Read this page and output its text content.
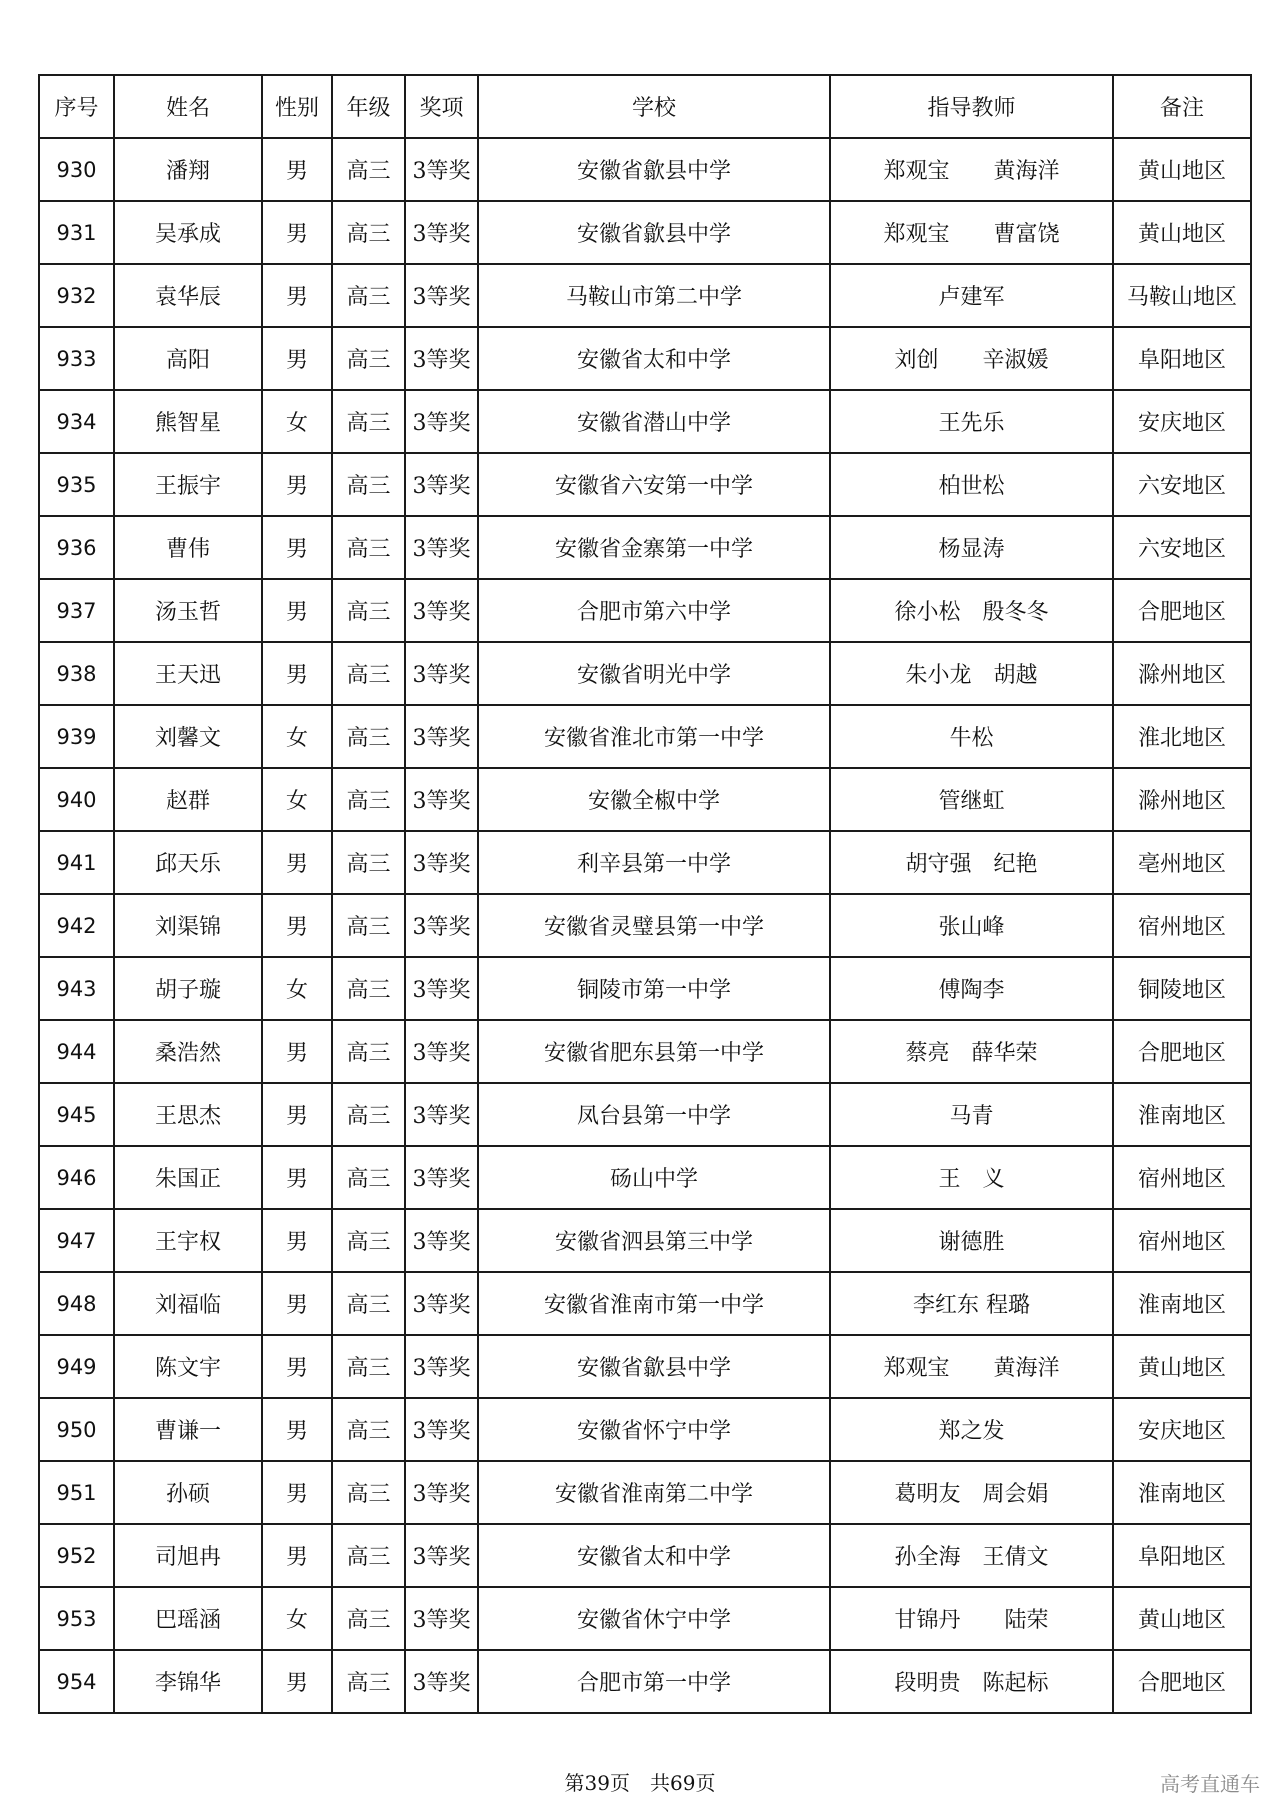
序号	姓名	性别	年级	奖项	学校	指导教师	备注
930	潘翔	男	高三	3等奖	安徽省歙县中学	郑观宝　　黄海洋	黄山地区
931	吴承成	男	高三	3等奖	安徽省歙县中学	郑观宝　　曹富饶	黄山地区
932	袁华辰	男	高三	3等奖	马鞍山市第二中学	卢建军	马鞍山地区
933	高阳	男	高三	3等奖	安徽省太和中学	刘创　　辛淑媛	阜阳地区
934	熊智星	女	高三	3等奖	安徽省潜山中学	王先乐	安庆地区
935	王振宇	男	高三	3等奖	安徽省六安第一中学	柏世松	六安地区
936	曹伟	男	高三	3等奖	安徽省金寨第一中学	杨显涛	六安地区
937	汤玉哲	男	高三	3等奖	合肥市第六中学	徐小松　殷冬冬	合肥地区
938	王天迅	男	高三	3等奖	安徽省明光中学	朱小龙　胡越	滁州地区
939	刘馨文	女	高三	3等奖	安徽省淮北市第一中学	牛松	淮北地区
940	赵群	女	高三	3等奖	安徽全椒中学	管继虹	滁州地区
941	邱天乐	男	高三	3等奖	利辛县第一中学	胡守强　纪艳	亳州地区
942	刘渠锦	男	高三	3等奖	安徽省灵璧县第一中学	张山峰	宿州地区
943	胡子璇	女	高三	3等奖	铜陵市第一中学	傅陶李	铜陵地区
944	桑浩然	男	高三	3等奖	安徽省肥东县第一中学	蔡亮　薛华荣	合肥地区
945	王思杰	男	高三	3等奖	凤台县第一中学	马青	淮南地区
946	朱国正	男	高三	3等奖	砀山中学	王　义	宿州地区
947	王宇权	男	高三	3等奖	安徽省泗县第三中学	谢德胜	宿州地区
948	刘福临	男	高三	3等奖	安徽省淮南市第一中学	李红东 程璐	淮南地区
949	陈文宇	男	高三	3等奖	安徽省歙县中学	郑观宝　　黄海洋	黄山地区
950	曹谦一	男	高三	3等奖	安徽省怀宁中学	郑之发	安庆地区
951	孙硕	男	高三	3等奖	安徽省淮南第二中学	葛明友　周会娟	淮南地区
952	司旭冉	男	高三	3等奖	安徽省太和中学	孙全海　王倩文	阜阳地区
953	巴瑶涵	女	高三	3等奖	安徽省休宁中学	甘锦丹　　陆荣	黄山地区
954	李锦华	男	高三	3等奖	合肥市第一中学	段明贵　陈起标	合肥地区
第39页　共69页	高考直通车
